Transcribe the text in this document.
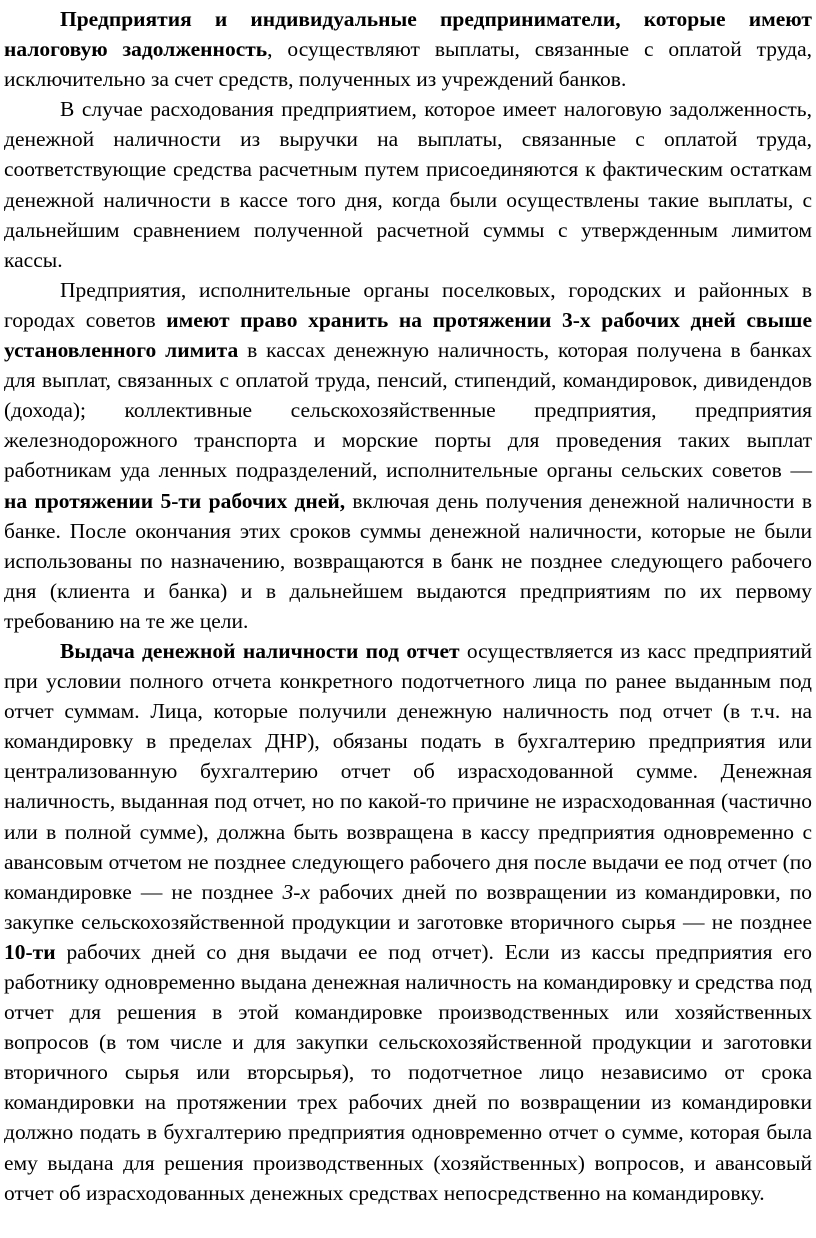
Предприятия и индивидуальные предприниматели, которые имеют налоговую задолженность, осуществляют выплаты, связанные с оплатой труда, исключительно за счет средств, полученных из учреждений банков.

В случае расходования предприятием, которое имеет налоговую задолженность, денежной наличности из выручки на выплаты, связанные с оплатой труда, соответствующие средства расчетным путем присоединяются к фактическим остаткам денежной наличности в кассе того дня, когда были осуществлены такие выплаты, с дальнейшим сравнением полученной расчетной суммы с утвержденным лимитом кассы.

Предприятия, исполнительные органы поселковых, городских и районных в городах советов имеют право хранить на протяжении 3-х рабочих дней свыше установленного лимита в кассах денежную наличность, которая получена в банках для выплат, связанных с оплатой труда, пенсий, стипендий, командировок, дивидендов (дохода); коллективные сельскохозяйственные предприятия, предприятия железнодорожного транспорта и морские порты для проведения таких выплат работникам уда ленных подразделений, исполнительные органы сельских советов — на протяжении 5-ти рабочих дней, включая день получения денежной наличности в банке. После окончания этих сроков суммы денежной наличности, которые не были использованы по назначению, возвращаются в банк не позднее следующего рабочего дня (клиента и банка) и в дальнейшем выдаются предприятиям по их первому требованию на те же цели.

Выдача денежной наличности под отчет осуществляется из касс предприятий при условии полного отчета конкретного подотчетного лица по ранее выданным под отчет суммам. Лица, которые получили денежную наличность под отчет (в т.ч. на командировку в пределах ДНР), обязаны подать в бухгалтерию предприятия или централизованную бухгалтерию отчет об израсходованной сумме. Денежная наличность, выданная под отчет, но по какой-то причине не израсходованная (частично или в полной сумме), должна быть возвращена в кассу предприятия одновременно с авансовым отчетом не позднее следующего рабочего дня после выдачи ее под отчет (по командировке — не позднее 3-х рабочих дней по возвращении из командировки, по закупке сельскохозяйственной продукции и заготовке вторичного сырья — не позднее 10-ти рабочих дней со дня выдачи ее под отчет). Если из кассы предприятия его работнику одновременно выдана денежная наличность на командировку и средства под отчет для решения в этой командировке производственных или хозяйственных вопросов (в том числе и для закупки сельскохозяйственной продукции и заготовки вторичного сырья или вторсырья), то подотчетное лицо независимо от срока командировки на протяжении трех рабочих дней по возвращении из командировки должно подать в бухгалтерию предприятия одновременно отчет о сумме, которая была ему выдана для решения производственных (хозяйственных) вопросов, и авансовый отчет об израсходованных денежных средствах непосредственно на командировку.
